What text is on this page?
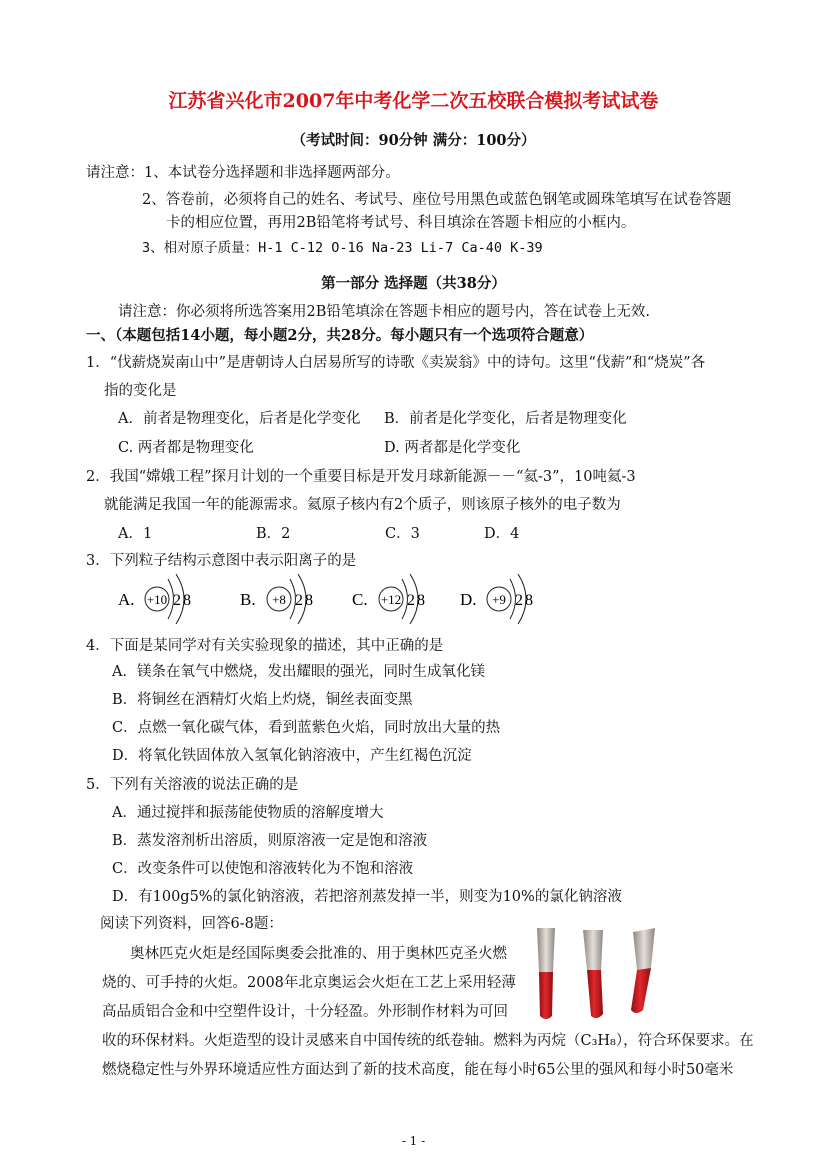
江苏省兴化市2007年中考化学二次五校联合模拟考试试卷
（考试时间：90分钟 满分：100分）
请注意：1、本试卷分选择题和非选择题两部分。
2、答卷前，必须将自己的姓名、考试号、座位号用黑色或蓝色钢笔或圆珠笔填写在试卷答题
卡的相应位置，再用2B铅笔将考试号、科目填涂在答题卡相应的小框内。
3、相对原子质量：H-1 C-12 O-16 Na-23 Li-7 Ca-40 K-39
第一部分 选择题（共38分）
请注意：你必须将所选答案用2B铅笔填涂在答题卡相应的题号内，答在试卷上无效.
一、（本题包括14小题，每小题2分，共28分。每小题只有一个选项符合题意）
1．“伐薪烧炭南山中”是唐朝诗人白居易所写的诗歌《卖炭翁》中的诗句。这里“伐薪”和“烧炭”各
指的变化是
A．前者是物理变化，后者是化学变化 B．前者是化学变化，后者是物理变化
C. 两者都是物理变化	D. 两者都是化学变化
2．我国“嫦娥工程”探月计划的一个重要目标是开发月球新能源－－“氦-3”，10吨氦-3
就能满足我国一年的能源需求。氦原子核内有2个质子，则该原子核外的电子数为
A．1	B．2	C．3	D．4
3．下列粒子结构示意图中表示阳离子的是
A. +10 2 8	B. +8 2 8 C. +12 2 8 D. +9 2 8
4．下面是某同学对有关实验现象的描述，其中正确的是
A．镁条在氧气中燃烧，发出耀眼的强光，同时生成氧化镁
B．将铜丝在酒精灯火焰上灼烧，铜丝表面变黑
C．点燃一氧化碳气体，看到蓝紫色火焰，同时放出大量的热
D．将氧化铁固体放入氢氧化钠溶液中，产生红褐色沉淀
5．下列有关溶液的说法正确的是
A．通过搅拌和振荡能使物质的溶解度增大
B．蒸发溶剂析出溶质，则原溶液一定是饱和溶液
C．改变条件可以使饱和溶液转化为不饱和溶液
D．有100g5%的氯化钠溶液，若把溶剂蒸发掉一半，则变为10%的氯化钠溶液
阅读下列资料，回答6-8题：
奥林匹克火炬是经国际奥委会批准的、用于奥林匹克圣火燃
烧的、可手持的火炬。2008年北京奥运会火炬在工艺上采用轻薄
高品质铝合金和中空塑件设计，十分轻盈。外形制作材料为可回
收的环保材料。火炬造型的设计灵感来自中国传统的纸卷轴。燃料为丙烷（C₃H₈），符合环保要求。在
燃烧稳定性与外界环境适应性方面达到了新的技术高度，能在每小时65公里的强风和每小时50毫米
- 1 -
